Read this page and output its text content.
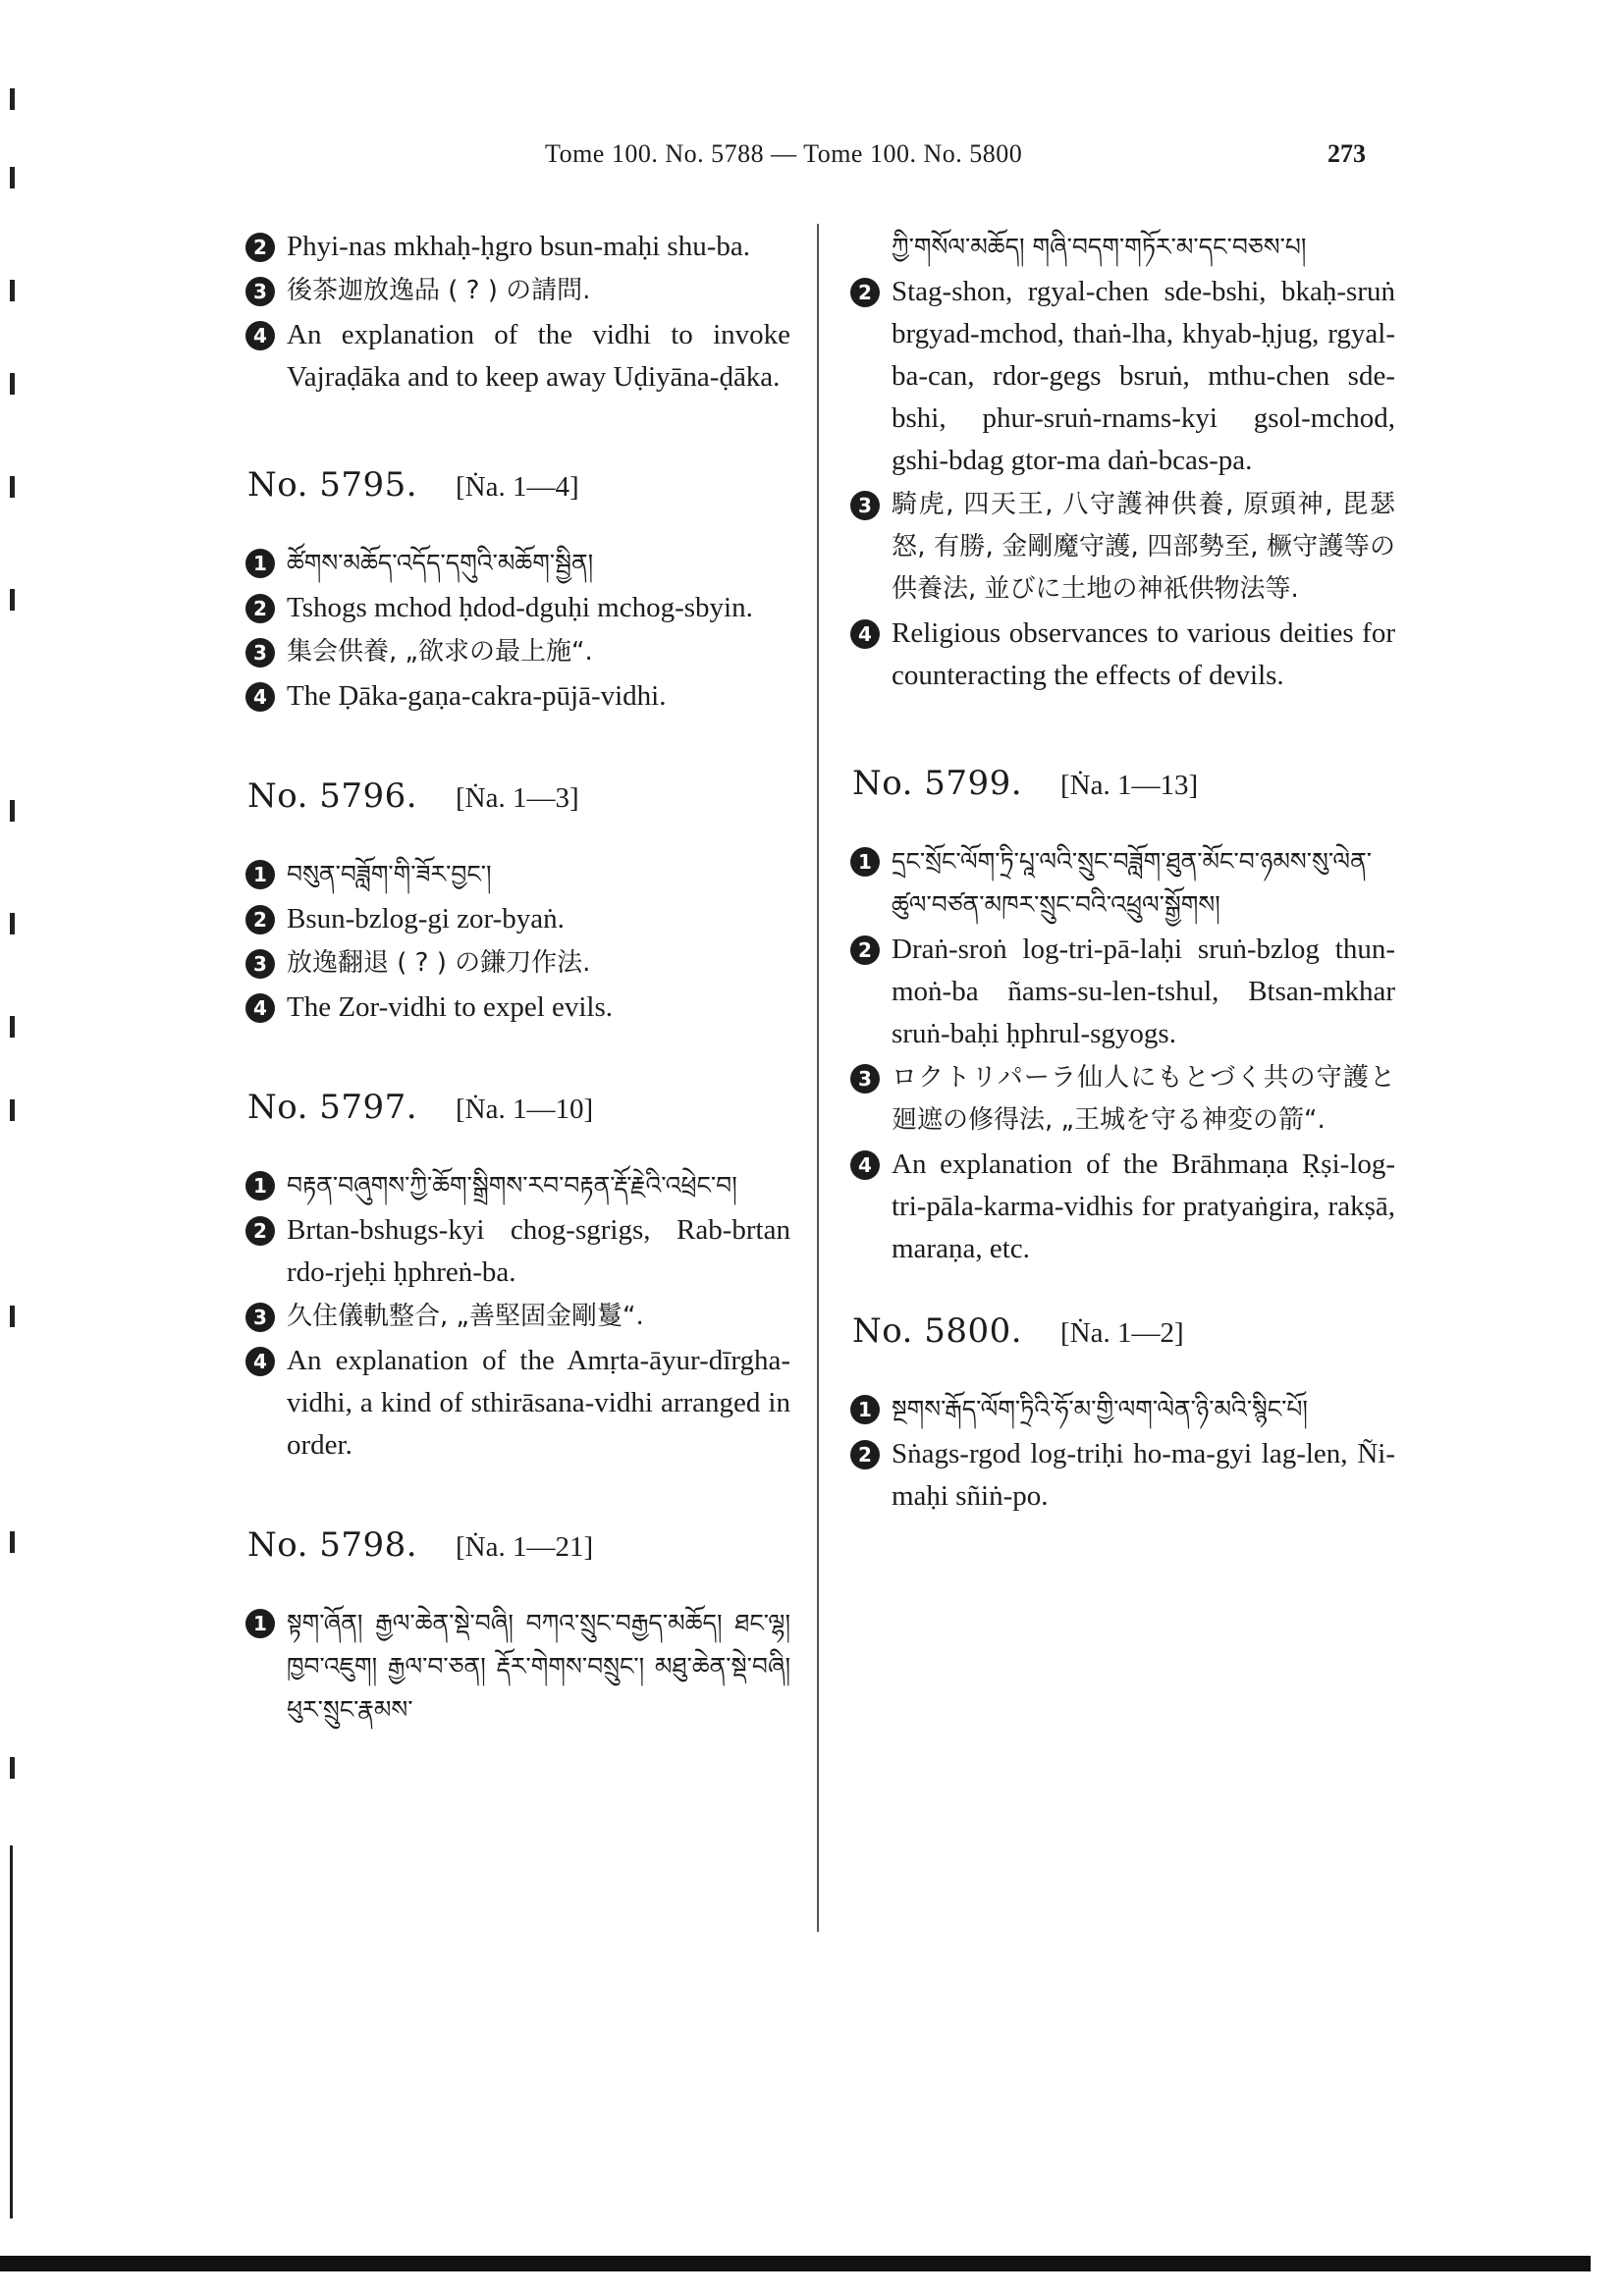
Tome 100. No. 5788 — Tome 100. No. 5800	273
2 Phyi-nas mkhaḥ-ḥgro bsun-maḥi shu-ba.
3 後茶迦放逸品 ( ? ) の請問.
4 An explanation of the vidhi to invoke Vajraḍāka and to keep away Uḍiyāna-ḍāka.
No. 5795.	[Ṅa. 1—4]
1 ཚོགས་མཆོད་འདོད་དགུའི་མཆོག་སྦྱིན།
2 Tshogs mchod ḥdod-dguḥi mchog-sbyin.
3 集会供養, „欲求の最上施“.
4 The Ḍāka-gaṇa-cakra-pūjā-vidhi.
No. 5796.	[Ṅa. 1—3]
1 བསུན་བཟློག་གི་ཟོར་བྱང་།
2 Bsun-bzlog-gi zor-byaṅ.
3 放逸翻退 ( ? ) の鎌刀作法.
4 The Zor-vidhi to expel evils.
No. 5797.	[Ṅa. 1—10]
1 བརྟན་བཞུགས་ཀྱི་ཆོག་སྒྲིགས་རབ་བརྟན་རྡོ་རྗེའི་འཕྲེང་བ།
2 Brtan-bshugs-kyi chog-sgrigs, Rab-brtan rdo-rjeḥi ḥphreṅ-ba.
3 久住儀軌整合, „善堅固金剛鬘“.
4 An explanation of the Amṛta-āyur-dīrgha-vidhi, a kind of sthirāsana-vidhi arranged in order.
No. 5798.	[Ṅa. 1—21]
1 སྟག་ཞོན། རྒྱལ་ཆེན་སྡེ་བཞི། བཀའ་སྲུང་བརྒྱད་མཆོད། ཐང་ལྷ། ཁྱབ་འཇུག། རྒྱལ་བ་ཅན། རྡོར་གེགས་བསྲུང་། མཐུ་ཆེན་སྡེ་བཞི། ཕུར་སྲུང་རྣམས་
ཀྱི་གསོལ་མཆོད། གཞི་བདག་གཏོར་མ་དང་བཅས་པ།
2 Stag-shon, rgyal-chen sde-bshi, bkaḥ-sruṅ brgyad-mchod, thaṅ-lha, khyab-ḥjug, rgyal-ba-can, rdor-gegs bsruṅ, mthu-chen sde-bshi, phur-sruṅ-rnams-kyi gsol-mchod, gshi-bdag gtor-ma daṅ-bcas-pa.
3 騎虎, 四天王, 八守護神供養, 原頭神, 毘瑟怒, 有勝, 金剛魔守護, 四部勢至, 橛守護等の供養法, 並びに土地の神祇供物法等.
4 Religious observances to various deities for counteracting the effects of devils.
No. 5799.	[Ṅa. 1—13]
1 དྲང་སྲོང་ལོག་ཏྲི་པཱ་ལའི་སྲུང་བཟློག་ཐུན་མོང་བ་ཉམས་སུ་ལེན་ཚུལ་བཙན་མཁར་སྲུང་བའི་འཕྲུལ་སྒྱོགས།
2 Draṅ-sroṅ log-tri-pā-laḥi sruṅ-bzlog thun-moṅ-ba ñams-su-len-tshul, Btsan-mkhar sruṅ-baḥi ḥphrul-sgyogs.
3 ロクトリパーラ仙人にもとづく共の守護と廻遮の修得法, „王城を守る神変の箭“.
4 An explanation of the Brāhmaṇa Ṛṣi-log-tri-pāla-karma-vidhis for pratyaṅgira, rakṣā, maraṇa, etc.
No. 5800.	[Ṅa. 1—2]
1 སྔགས་རྒོད་ལོག་ཏྲིའི་ཧོ་མ་གྱི་ལག་ལེན་ཉི་མའི་སྙིང་པོ།
2 Sṅags-rgod log-triḥi ho-ma-gyi lag-len, Ñi-maḥi sñiṅ-po.
